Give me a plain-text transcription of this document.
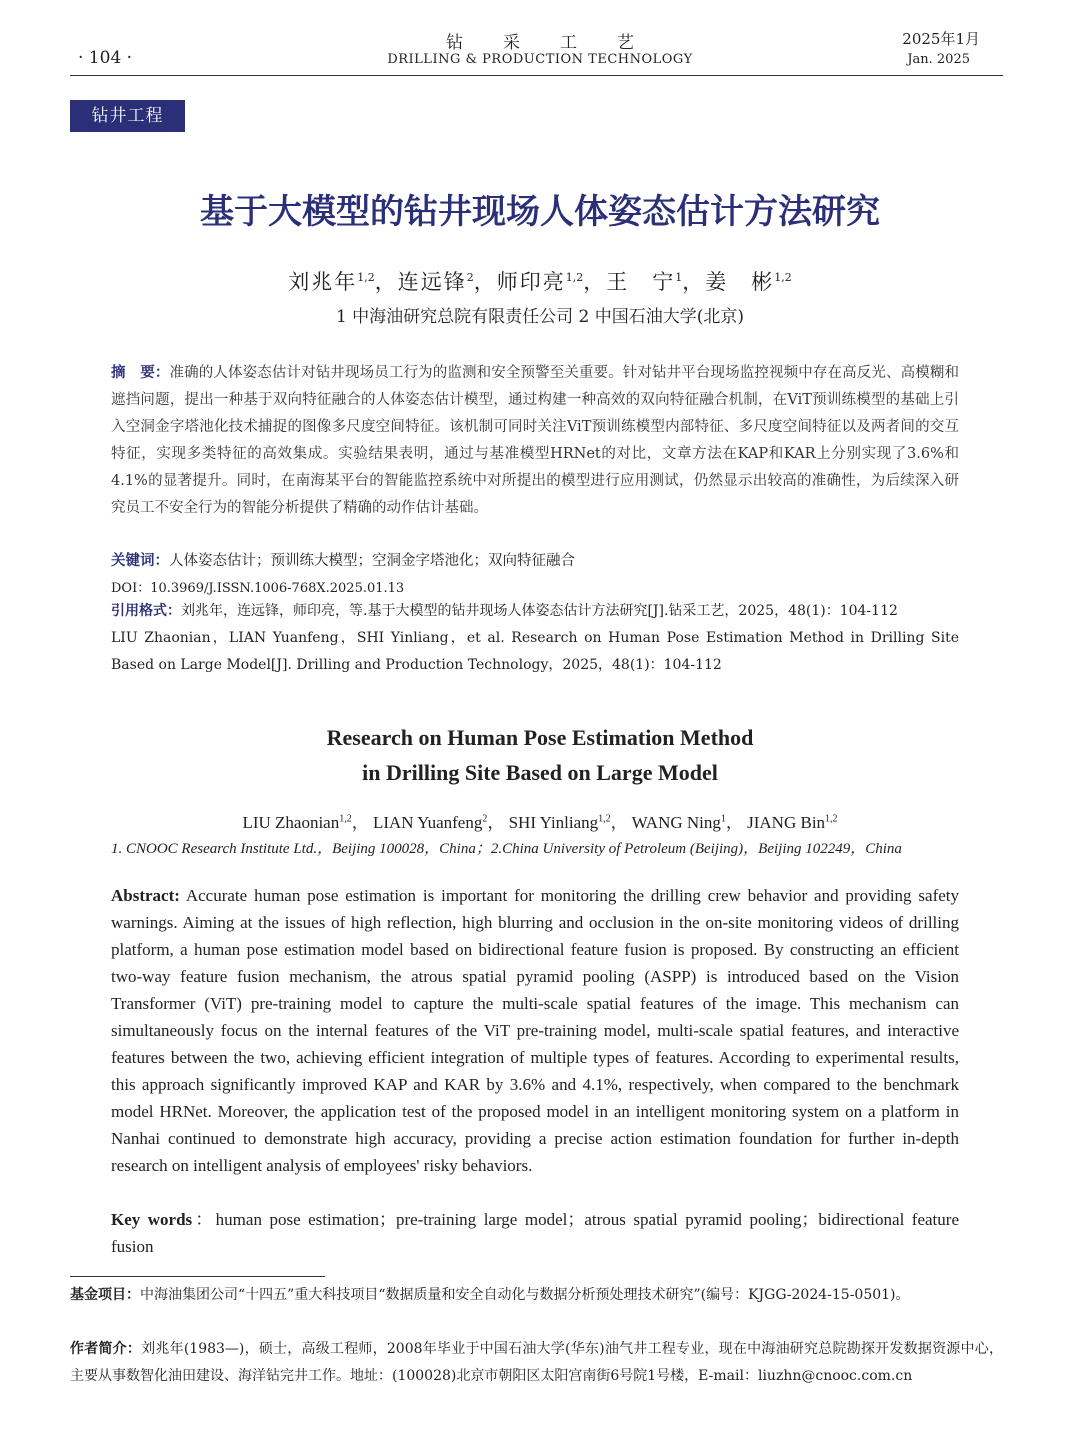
· 104 ·
钻采工艺
DRILLING & PRODUCTION TECHNOLOGY
2025年1月
Jan. 2025
钻井工程
基于大模型的钻井现场人体姿态估计方法研究
刘兆年$^{1,2}$，连远锋$^2$，师印亮$^{1,2}$，王　宁$^1$，姜　彬$^{1,2}$
1 中海油研究总院有限责任公司 2 中国石油大学(北京)
摘　要：准确的人体姿态估计对钻井现场员工行为的监测和安全预警至关重要。针对钻井平台现场监控视频中存在高反光、高模糊和遮挡问题，提出一种基于双向特征融合的人体姿态估计模型，通过构建一种高效的双向特征融合机制，在ViT预训练模型的基础上引入空洞金字塔池化技术捕捉的图像多尺度空间特征。该机制可同时关注ViT预训练模型内部特征、多尺度空间特征以及两者间的交互特征，实现多类特征的高效集成。实验结果表明，通过与基准模型HRNet的对比，文章方法在KAP和KAR上分别实现了3.6%和4.1%的显著提升。同时，在南海某平台的智能监控系统中对所提出的模型进行应用测试，仍然显示出较高的准确性，为后续深入研究员工不安全行为的智能分析提供了精确的动作估计基础。
关键词：人体姿态估计；预训练大模型；空洞金字塔池化；双向特征融合
DOI：10.3969/J.ISSN.1006-768X.2025.01.13
引用格式：刘兆年，连远锋，师印亮，等.基于大模型的钻井现场人体姿态估计方法研究[J].钻采工艺，2025，48(1)：104-112
LIU Zhaonian，LIAN Yuanfeng，SHI Yinliang，et al. Research on Human Pose Estimation Method in Drilling Site Based on Large Model[J]. Drilling and Production Technology，2025，48(1)：104-112
Research on Human Pose Estimation Method
in Drilling Site Based on Large Model
LIU Zhaonian$^{1,2}$， LIAN Yuanfeng$^2$， SHI Yinliang$^{1,2}$， WANG Ning$^1$， JIANG Bin$^{1,2}$
1. CNOOC Research Institute Ltd.，Beijing 100028，China；2.China University of Petroleum (Beijing)，Beijing 102249，China
Abstract: Accurate human pose estimation is important for monitoring the drilling crew behavior and providing safety warnings. Aiming at the issues of high reflection, high blurring and occlusion in the on-site monitoring videos of drilling platform, a human pose estimation model based on bidirectional feature fusion is proposed. By constructing an efficient two-way feature fusion mechanism, the atrous spatial pyramid pooling (ASPP) is introduced based on the Vision Transformer (ViT) pre-training model to capture the multi-scale spatial features of the image. This mechanism can simultaneously focus on the internal features of the ViT pre-training model, multi-scale spatial features, and interactive features between the two, achieving efficient integration of multiple types of features. According to experimental results, this approach significantly improved KAP and KAR by 3.6% and 4.1%, respectively, when compared to the benchmark model HRNet. Moreover, the application test of the proposed model in an intelligent monitoring system on a platform in Nanhai continued to demonstrate high accuracy, providing a precise action estimation foundation for further in-depth research on intelligent analysis of employees' risky behaviors.
Key words：human pose estimation；pre-training large model；atrous spatial pyramid pooling；bidirectional feature fusion
基金项目：中海油集团公司“十四五”重大科技项目“数据质量和安全自动化与数据分析预处理技术研究”(编号：KJGG-2024-15-0501)。
作者简介：刘兆年(1983—)，硕士，高级工程师，2008年毕业于中国石油大学(华东)油气井工程专业，现在中海油研究总院勘探开发数据资源中心，主要从事数智化油田建设、海洋钻完井工作。地址：(100028)北京市朝阳区太阳宫南街6号院1号楼，E-mail：liuzhn@cnooc.com.cn
